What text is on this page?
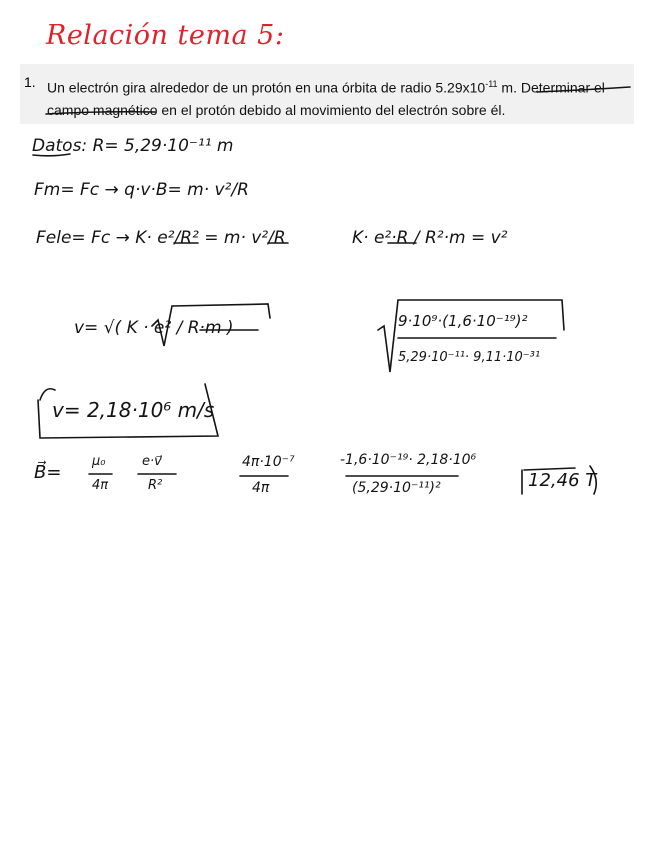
Relación tema 5:
1. Un electrón gira alrededor de un protón en una órbita de radio $5.29x10^{-11}$ m. Determinar el campo magnético en el protón debido al movimiento del electrón sobre él.
Datos: R= 5,29·10⁻¹¹ m
Fm= Fc → q·v·B= m· v²/R
Fele= Fc → K· e²/R² = m· v²/R	K· e²·R / R²·m = v²
v= √( K · e² / R·m )	9·10⁹·(1,6·10⁻¹⁹)²
5,29·10⁻¹¹· 9,11·10⁻³¹
v= 2,18·10⁶ m/s
B⃗=
μ₀
4π
e·v⃗
R²
4π·10⁻⁷
4π
-1,6·10⁻¹⁹· 2,18·10⁶
(5,29·10⁻¹¹)²	12,46 T
